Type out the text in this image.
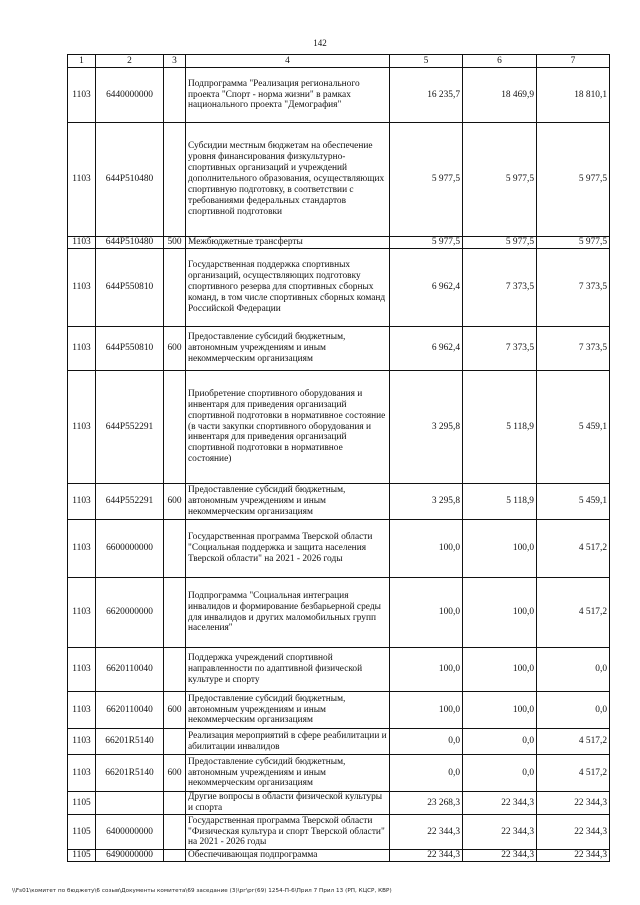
142
1	2	3	4	5	6	7
1103	6440000000		Подпрограмма "Реализация регионального проекта "Спорт - норма жизни" в рамках национального проекта "Демография"	16 235,7	18 469,9	18 810,1
1103	644P510480		Субсидии местным бюджетам на обеспечение уровня финансирования физкультурно-спортивных организаций и учреждений дополнительного образования, осуществляющих спортивную подготовку, в соответствии с требованиями федеральных стандартов спортивной подготовки	5 977,5	5 977,5	5 977,5
1103	644P510480	500	Межбюджетные трансферты	5 977,5	5 977,5	5 977,5
1103	644P550810		Государственная поддержка спортивных организаций, осуществляющих подготовку спортивного резерва для спортивных сборных команд, в том числе спортивных сборных команд Российской Федерации	6 962,4	7 373,5	7 373,5
1103	644P550810	600	Предоставление субсидий бюджетным, автономным учреждениям и иным некоммерческим организациям	6 962,4	7 373,5	7 373,5
1103	644P552291		Приобретение спортивного оборудования и инвентаря для приведения организаций спортивной подготовки в нормативное состояние (в части закупки спортивного оборудования и инвентаря для приведения организаций спортивной подготовки в нормативное состояние)	3 295,8	5 118,9	5 459,1
1103	644P552291	600	Предоставление субсидий бюджетным, автономным учреждениям и иным некоммерческим организациям	3 295,8	5 118,9	5 459,1
1103	6600000000		Государственная программа Тверской области "Социальная поддержка и защита населения Тверской области" на 2021 - 2026 годы	100,0	100,0	4 517,2
1103	6620000000		Подпрограмма "Социальная интеграция инвалидов и формирование безбарьерной среды для инвалидов и других маломобильных групп населения"	100,0	100,0	4 517,2
1103	6620110040		Поддержка учреждений спортивной направленности по адаптивной физической культуре и спорту	100,0	100,0	0,0
1103	6620110040	600	Предоставление субсидий бюджетным, автономным учреждениям и иным некоммерческим организациям	100,0	100,0	0,0
1103	66201R5140		Реализация мероприятий в сфере реабилитации и абилитации инвалидов	0,0	0,0	4 517,2
1103	66201R5140	600	Предоставление субсидий бюджетным, автономным учреждениям и иным некоммерческим организациям	0,0	0,0	4 517,2
1105			Другие вопросы в области физической культуры и спорта	23 268,3	22 344,3	22 344,3
1105	6400000000		Государственная программа Тверской области "Физическая культура и спорт Тверской области" на 2021 - 2026 годы	22 344,3	22 344,3	22 344,3
1105	6490000000		Обеспечивающая подпрограмма	22 344,3	22 344,3	22 344,3
\\Fs01\комитет по бюджету\6 созыв\Документы комитета\69 заседание (3)\рг\рг(69) 1254-П-6\Прил 7 Прил 13 (РП, КЦСР, КВР)
